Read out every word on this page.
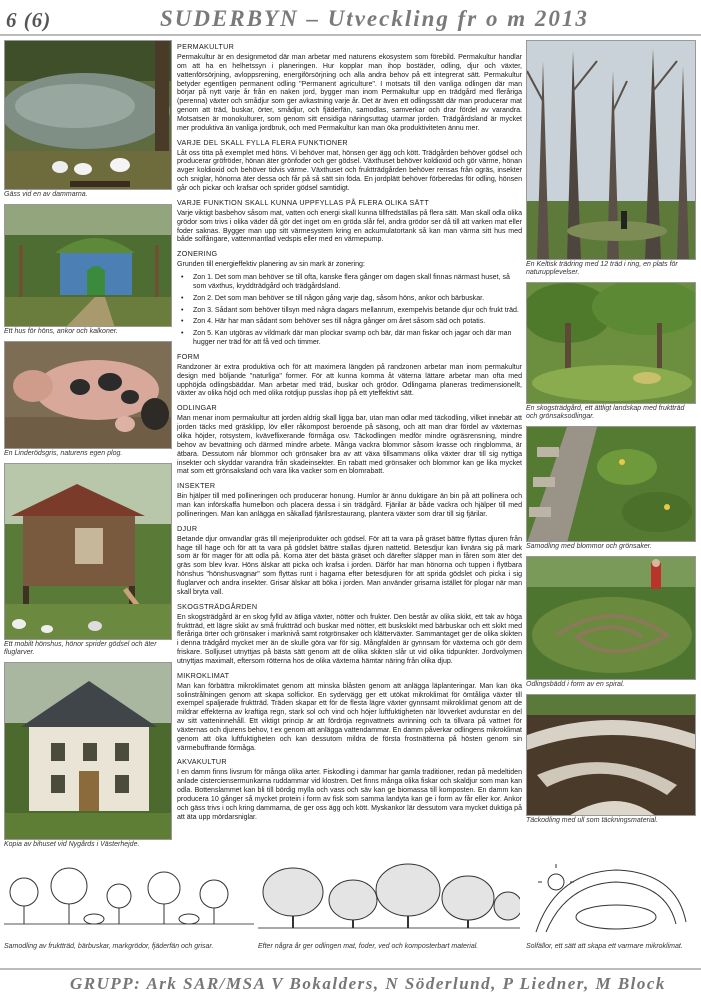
6 (6)	SUDERBYN – Utveckling fr o m 2013
Gäss vid en av dammarna.
Ett hus för höns, ankor och kalkoner.
En Linderödsgris, naturens egen plog.
Ett mobilt hönshus, hönor sprider gödsel och äter fluglarver.
Kopia av bihuset vid Nygårds i Västerhejde.
PERMAKULTUR

Permakultur är en designmetod där man arbetar med naturens ekosystem som förebild. Permakultur handlar om att ha en helhetssyn i planeringen. Hur kopplar man ihop bostäder, odling, djur och växter, vattenförsörjning, avloppsrening, energiförsörjning och alla andra behov på ett integrerat sätt. Permakultur betyder egentligen permanent odling "Permanent agriculture". I motsats till den vanliga odlingen där man börjar på nytt varje år från en naken jord, bygger man inom Permakultur upp en trädgård med fleråriga (perenna) växter och smådjur som ger avkastning varje år. Det är även ett odlingssätt där man producerar mat genom att träd, buskar, örter, smådjur, och fjäderfän, samodlas, samverkar och drar fördel av varandra. Motsatsen är monokulturer, som genom sitt ensidiga näringsuttag utarmar jorden. Trädgårdsland är mycket mer produktiva än vanliga jordbruk, och med Permakultur kan man öka produktiviteten ännu mer.

VARJE DEL SKALL FYLLA FLERA FUNKTIONER

Låt oss titta på exemplet med höns. Vi behöver mat, hönsen ger ägg och kött. Trädgården behöver gödsel och producerar gröfröder, hönan äter grönfoder och ger gödsel. Växthuset behöver koldioxid och gör värme, hönan avger koldioxid och behöver tidvis värme. Växthuset och fruktträdgården behöver rensas från ogräs, insekter och sniglar, hönorna äter dessa och får på så sätt sin föda. En jordplätt behöver förberedas för odling, hönsen går och pickar och krafsar och sprider gödsel samtidigt.

VARJE FUNKTION SKALL KUNNA UPPFYLLAS PÅ FLERA OLIKA SÄTT

Varje viktigt basbehov såsom mat, vatten och energi skall kunna tillfredställas på flera sätt. Man skall odla olika grödor som trivs i olika väder då gör det inget om en gröda slår fel, andra grödor ser då till att varken mat eller foder saknas. Bygger man upp sitt värmesystem kring en ackumulatortank så kan man värma sitt hus med både solfångare, vattenmantlad vedspis eller med en värmepump.

ZONERING

Grunden till energieffektiv planering av sin mark är zonering:

• Zon 1. Det som man behöver se till ofta, kanske flera gånger om dagen skall finnas närmast huset, så som växthus, kryddträdgård och trädgårdsland.
• Zon 2. Det som man behöver se till någon gång varje dag, såsom höns, ankor och bärbuskar.
• Zon 3. Sådant som behöver tillsyn med några dagars mellanrum, exempelvis betande djur och frukt träd.
• Zon 4. Här har man sådant som behöver ses till några gånger om året såsom säd och potatis.
• Zon 5. Kan utgöras av vildmark där man plockar svamp och bär, där man fiskar och jagar och där man hugger ner träd för att få ved och timmer.
FORM

Randzoner är extra produktiva och för att maximera längden på randzonen arbetar man inom permakultur design med böljande "naturliga" former. För att kunna komma åt väterna lättare arbetar man ofta med upphöjda odlingsbäddar. Man arbetar med träd, buskar och grödor. Odlingarna planeras tredimensionellt, växter av olika höjd och med olika rotdjup pusslas ihop på ett yteffektivt sätt.

ODLINGAR

Man menar inom permakultur att jorden aldrig skall ligga bar, utan man odlar med täckodling, vilket innebär att jorden täcks med gräsklipp, löv eller råkompost beroende på säsong, och att man drar fördel av växternas olika höjder, rotsystem, kväveflixerande förmåga osv. Täckodlingen medför mindre ogräsrensning, mindre behov av bevattning och därmed mindre arbete. Många vackra blommor såsom krasse och ringblomma, är ätbara. Dessutom når blommor och grönsaker bra av att växa tillsammans olika växter drar till sig nyttiga insekter och skyddar varandra från skadeinsekter. En rabatt med grönsaker och blommor kan ge lika mycket mat som ett grönsaksland och vara lika vacker som en blomrabatt.

INSEKTER

Bin hjälper till med pollineringen och producerar honung. Humlor är ännu duktigare än bin på att pollinera och man kan införskaffa humelbon och placera dessa i sin trädgård. Fjärilar är både vackra och hjälper till med pollineringen. Man kan anlägga en såkallad fjärilsrestaurang, plantera växter som drar till sig fjärilar.

DJUR

Betande djur omvandlar gräs till mejeriprodukter och gödsel. För att ta vara på gräset bättre flyttas djuren från hage till hage och för att ta vara på gödslet bättre stallas djuren nattetid. Betesdjur kan livnära sig på mark som är för mager för att odla på. Korna äter det bästa gräset och därefter släpper man in fåren som äter det gräs som blev kvar. Höns älskar att picka och krafsa i jorden. Därför har man hönorna och tuppen i flyttbara hönshus "hönshusvagnar" som flyttas runt i hagarna efter betesdjuren för att sprida gödslet och picka i sig fluglarver och andra insekter. Grisar älskar att böka i jorden. Man använder grisarna istället för plogar när man skall bryta vall.

SKOGSTRÄDGÅRDEN

En skogsträdgård är en skog fylld av ätliga växter, nötter och frukter. Den består av olika skikt, ett tak av höga fruktträd, ett lägre skikt av små fruktträd och buskar med nötter, ett buskskikt med bärbuskar och ett skikt med fleråriga örter och grönsaker i marknivå samt rotgrönsaker och klätterväxter. Sammantaget ger de olika skikten i denna trädgård mycket mer än de skulle göra var för sig. Mångfalden är gynnsam för växterna och gör dem friskare. Solljuset utnyttjas på bästa sätt genom att de olika skikten slår ut vid olika tidpunkter. Jordvolymen utnyttjas maximalt, eftersom rötterna hos de olika växterna hämtar näring från olika djup.

MIKROKLIMAT

Man kan förbättra mikroklimatet genom att minska blåsten genom att anlägga läplanteringar. Man kan öka solinstrålningen genom att skapa solfickor. En sydervägg ger ett utökat mikroklimat för ömtåliga växter till exempel spaljerade fruktträd. Träden skapar ett för de flesta lägre växter gynnsamt mikroklimat genom att de mildrar effekterna av kraftiga regn, stark sol och vind och höjer luftfuktigheten när lövverket avdunstar en del av sitt vatteninnehåll. Ett viktigt princip är att fördröja regnvattnets avrinning och ta tillvara på vattnet för växternas och djurens behov, t ex genom att anlägga vattendammar. En damm påverkar odlingens mikroklimat genom att öka luftfuktigheten och kan dessutom mildra de första frostnätterna på hösten genom sin värmebuffrande förmåga.

AKVAKULTUR

I en damm finns livsrum för många olika arter. Fiskodling i dammar har gamla traditioner, redan på medeltiden anlade cisterciensermunkarna ruddammar vid klostren. Det finns många olika fiskar och skaldjur som man kan odla. Bottenslammet kan bli till bördig mylla och vass och säv kan ge biomassa till komposten. En damm kan producera 10 gånger så mycket protein i form av fisk som samma landyta kan ge i form av får eller kor. Ankor och gäss trivs i och kring dammarna, de ger oss ägg och kött. Myskankor lär dessutom vara mycket duktiga på att äta upp mördarsniglar.

En Keltisk trädring med 12 träd i ring, en plats för naturupplevelser.
En skogsträdgård, ett ättligt landskap med fruktträd och grönsaksodlingar.
Samodling med blommor och grönsaker.
Odlingsbädd i form av en spiral.
Täckodling med ull som täckningsmaterial.
Samodling av fruktträd, bärbuskar, markgrödor, fjäderfän och grisar.	Efter några år ger odlingen mat, foder, ved och komposterbart material.	Solfällor, ett sätt att skapa ett varmare mikroklimat.
GRUPP: Ark SAR/MSA V Bokalders, N Söderlund, P Liedner, M Block
